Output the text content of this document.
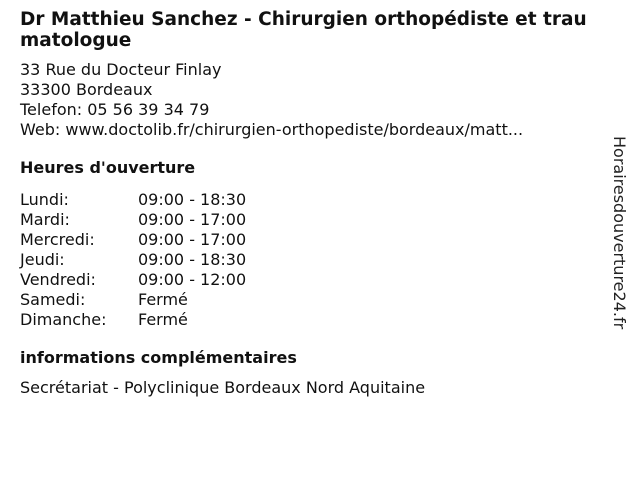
Dr Matthieu Sanchez - Chirurgien orthopédiste et traumatologue
33 Rue du Docteur Finlay
33300 Bordeaux
Telefon: 05 56 39 34 79
Web: www.doctolib.fr/chirurgien-orthopediste/bordeaux/matt...
Heures d'ouverture
Lundi:	09:00 - 18:30
Mardi:	09:00 - 17:00
Mercredi:	09:00 - 17:00
Jeudi:	09:00 - 18:30
Vendredi:	09:00 - 12:00
Samedi:	Fermé
Dimanche:	Fermé
informations complémentaires
Secrétariat - Polyclinique Bordeaux Nord Aquitaine
Horairesdouverture24.fr
